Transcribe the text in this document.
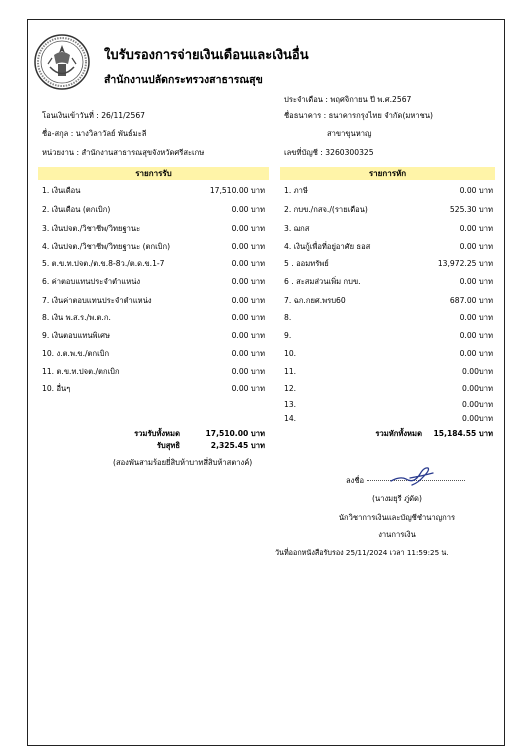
ใบรับรองการจ่ายเงินเดือนและเงินอื่น
สำนักงานปลัดกระทรวงสาธารณสุข
โอนเงินเข้าวันที่ : 26/11/2567
ชื่อ-สกุล : นางวิลาวัลย์ พันธ์มะลี
หน่วยงาน : สำนักงานสาธารณสุขจังหวัดศรีสะเกษ
ประจำเดือน : พฤศจิกายน ปี พ.ศ.2567
ชื่อธนาคาร : ธนาคารกรุงไทย จำกัด(มหาชน)
สาขาขุนหาญ
เลขที่บัญชี : 3260300325
รายการรับ	รายการหัก
1. เงินเดือน	17,510.00 บาท
2. เงินเดือน (ตกเบิก)	0.00 บาท
3. เงินปจต./วิชาชีพ/วิทยฐานะ	0.00 บาท
4. เงินปจต./วิชาชีพ/วิทยฐานะ (ตกเบิก)	0.00 บาท
5. ต.ข.ท.ปจต./ต.ข.8-8ว./ต.ด.ข.1-7	0.00 บาท
6. ค่าตอบแทนประจำตำแหน่ง	0.00 บาท
7. เงินค่าตอบแทนประจำตำแหน่ง	0.00 บาท
8. เงิน พ.ส.ร./พ.ต.ก.	0.00 บาท
9. เงินตอบแทนพิเศษ	0.00 บาท
10. ง.ต.พ.ข./ตกเบิก	0.00 บาท
11. ต.ข.ท.ปจต./ตกเบิก	0.00 บาท
10. อื่นๆ	0.00 บาท
1. ภาษี	0.00 บาท
2. กบข./กสจ./(รายเดือน)	525.30 บาท
3. ฌกส	0.00 บาท
4. เงินกู้เพื่อที่อยู่อาศัย ธอส	0.00 บาท
5 . ออมทรัพย์	13,972.25 บาท
6 . สะสมส่วนเพิ่ม กบข.	0.00 บาท
7. ฉก.กยศ.พรบ60	687.00 บาท
8.	0.00 บาท
9.	0.00 บาท
10.	0.00 บาท
11.	0.00บาท
12.	0.00บาท
13.	0.00บาท
14.	0.00บาท
รวมรับทั้งหมด	17,510.00 บาท
รับสุทธิ	2,325.45 บาท
(สองพันสามร้อยยี่สิบห้าบาทสี่สิบห้าสตางค์)
รวมหักทั้งหมด	15,184.55 บาท
ลงชื่อ
(นางมยุรี ภู่ดัด)
นักวิชาการเงินและบัญชีชำนาญการ
งานการเงิน
วันที่ออกหนังสือรับรอง 25/11/2024 เวลา 11:59:25 น.
